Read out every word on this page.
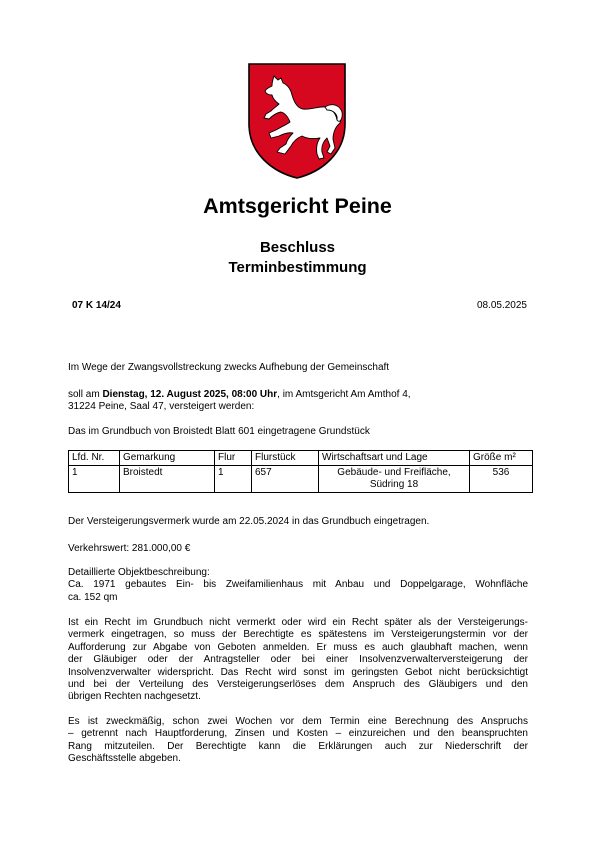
Amtsgericht Peine
Beschluss
Terminbestimmung
07 K 14/24	08.05.2025
Im Wege der Zwangsvollstreckung zwecks Aufhebung der Gemeinschaft
soll am Dienstag, 12. August 2025, 08:00 Uhr, im Amtsgericht Am Amthof 4,
31224 Peine, Saal 47, versteigert werden:
Das im Grundbuch von Broistedt Blatt 601 eingetragene Grundstück
Lfd. Nr.	Gemarkung	Flur	Flurstück	Wirtschaftsart und Lage	Größe m²
1	Broistedt	1	657	Gebäude- und Freifläche,
Südring 18	536
Der Versteigerungsvermerk wurde am 22.05.2024 in das Grundbuch eingetragen.
Verkehrswert: 281.000,00 €
Detaillierte Objektbeschreibung:
Ca. 1971 gebautes Ein- bis Zweifamilienhaus mit Anbau und Doppelgarage, Wohnfläche
ca. 152 qm
Ist ein Recht im Grundbuch nicht vermerkt oder wird ein Recht später als der Versteigerungs-
vermerk eingetragen, so muss der Berechtigte es spätestens im Versteigerungstermin vor der
Aufforderung zur Abgabe von Geboten anmelden. Er muss es auch glaubhaft machen, wenn
der Gläubiger oder der Antragsteller oder bei einer Insolvenzverwalterversteigerung der
Insolvenzverwalter widerspricht. Das Recht wird sonst im geringsten Gebot nicht berücksichtigt
und bei der Verteilung des Versteigerungserlöses dem Anspruch des Gläubigers und den
übrigen Rechten nachgesetzt.
Es ist zweckmäßig, schon zwei Wochen vor dem Termin eine Berechnung des Anspruchs
– getrennt nach Hauptforderung, Zinsen und Kosten – einzureichen und den beanspruchten
Rang mitzuteilen. Der Berechtigte kann die Erklärungen auch zur Niederschrift der
Geschäftsstelle abgeben.
